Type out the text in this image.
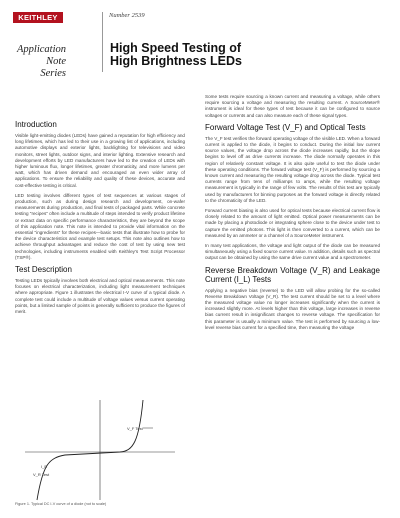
KEITHLEY	Number 2539
Application Note
Series
High Speed Testing of
High Brightness LEDs
Introduction

Visible light-emitting diodes (LEDs) have gained a reputation for high efficiency and long lifetimes, which has led to their use in a growing list of applications, including automotive displays and exterior lights, backlighting for televisions and video monitors, street lights, outdoor signs, and interior lighting. Extensive research and development efforts by LED manufacturers have led to the creation of LEDs with higher luminous flux, longer lifetimes, greater chromaticity, and more lumens per watt, which has driven demand and encouraged an even wider array of applications. To ensure the reliability and quality of these devices, accurate and cost-effective testing is critical.

LED testing involves different types of test sequences at various stages of production, such as during design research and development, on-wafer measurements during production, and final tests of packaged parts. While concrete testing "recipes" often include a multitude of steps intended to verify product lifetime or extract data on specific performance characteristics, they are beyond the scope of this application note. This note is intended to provide vital information on the essential "ingredients" for these recipes—basic tests that illustrate how to probe for the device characteristics and example test setups. This note also outlines how to achieve throughput advantages and reduce the cost of test by using new test technologies, including instruments enabled with Keithley's Test Script Processor (TSP®).

Test Description

Testing LEDs typically involves both electrical and optical measurements. This note focuses on electrical characterization, including light measurement techniques where appropriate. Figure 1 illustrates the electrical I-V curve of a typical diode. A complete test could include a multitude of voltage values versus current operating points, but a limited sample of points is generally sufficient to produce the figures of merit.

V_F Test
V_R Test
I_R
Figure 1. Typical DC I-V curve of a diode (not to scale)

Some tests require sourcing a known current and measuring a voltage, while others require sourcing a voltage and measuring the resulting current. A SourceMeter® instrument is ideal for these types of test because it can be configured to source voltages or currents and can also measure each of these signal types.

Forward Voltage Test (V_F) and Optical Tests

The V_F test verifies the forward operating voltage of the visible LED. When a forward current is applied to the diode, it begins to conduct. During the initial low current source values, the voltage drop across the diode increases rapidly, but the slope begins to level off as drive currents increase. The diode normally operates in this region of relatively constant voltage. It is also quite useful to test the diode under these operating conditions. The forward voltage test (V_F) is performed by sourcing a known current and measuring the resulting voltage drop across the diode. Typical test currents range from tens of milliamps to amps, while the resulting voltage measurement is typically in the range of few volts. The results of this test are typically used by manufacturers for binning purposes as the forward voltage is directly related to the chromaticity of the LED.

Forward current biasing is also used for optical tests because electrical current flow is closely related to the amount of light emitted. Optical power measurements can be made by placing a photodiode or integrating sphere close to the device under test to capture the emitted photons. This light is then converted to a current, which can be measured by an ammeter or a channel of a SourceMeter instrument.

In many test applications, the voltage and light output of the diode can be measured simultaneously using a fixed source current value. In addition, details such as spectral output can be obtained by using the same drive current value and a spectrometer.

Reverse Breakdown Voltage (V_R) and Leakage Current (I_L) Tests

Applying a negative bias (reverse) to the LED will allow probing for the so-called Reverse Breakdown Voltage (V_R). The test current should be set to a level where the measured voltage value no longer increases significantly when the current is increased slightly more. At levels higher than this voltage, large increases in reverse bias current result in insignificant changes to reverse voltage. The specification for this parameter is usually a minimum value. The test is performed by sourcing a low-level reverse bias current for a specified time, then measuring the voltage
